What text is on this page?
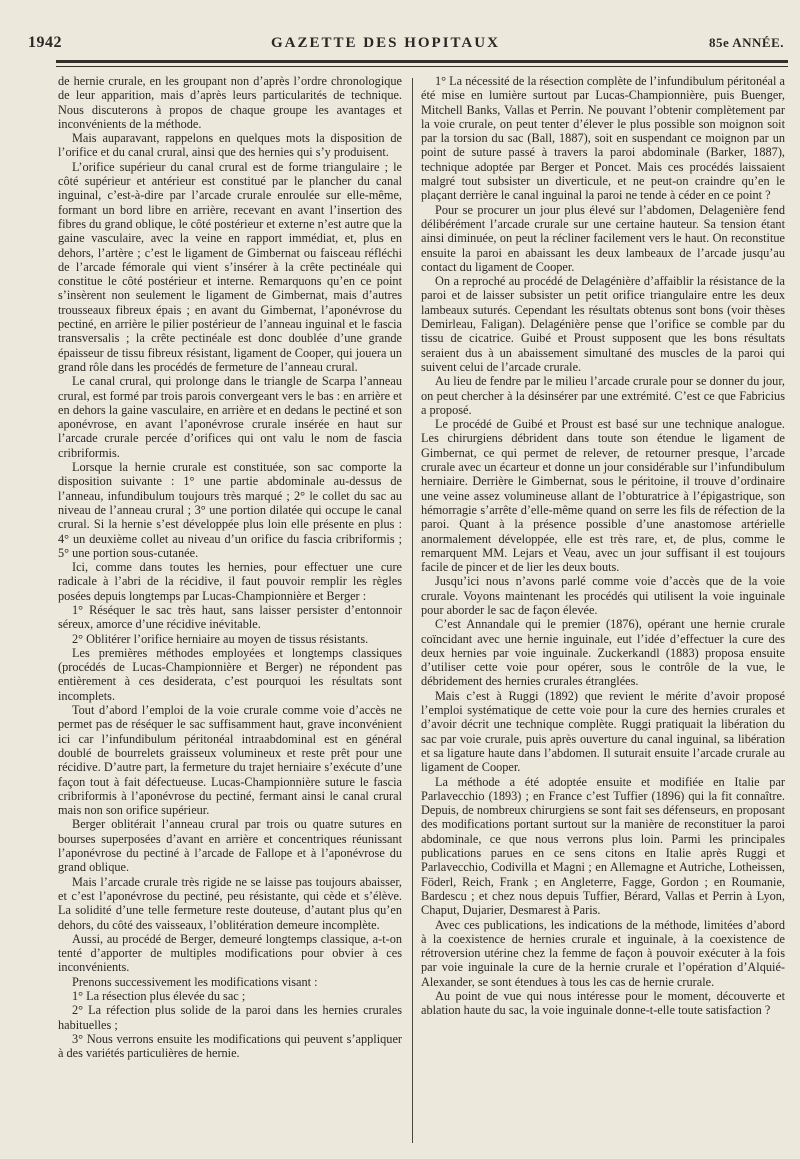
1942	GAZETTE DES HOPITAUX	85e ANNÉE.

de hernie crurale, en les groupant non d’après l’ordre chronologique de leur apparition, mais d’après leurs particularités de technique. Nous discuterons à propos de chaque groupe les avantages et inconvénients de la méthode.

Mais auparavant, rappelons en quelques mots la disposition de l’orifice et du canal crural, ainsi que des hernies qui s’y produisent.

L’orifice supérieur du canal crural est de forme triangulaire ; le côté supérieur et antérieur est constitué par le plancher du canal inguinal, c’est-à-dire par l’arcade crurale enroulée sur elle-même, formant un bord libre en arrière, recevant en avant l’insertion des fibres du grand oblique, le côté postérieur et externe n’est autre que la gaine vasculaire, avec la veine en rapport immédiat, et, plus en dehors, l’artère ; c’est le ligament de Gimbernat ou faisceau réfléchi de l’arcade fémorale qui vient s’insérer à la crête pectinéale qui constitue le côté postérieur et interne. Remarquons qu’en ce point s’insèrent non seulement le ligament de Gimbernat, mais d’autres trousseaux fibreux épais ; en avant du Gimbernat, l’aponévrose du pectiné, en arrière le pilier postérieur de l’anneau inguinal et le fascia transversalis ; la crête pectinéale est donc doublée d’une grande épaisseur de tissu fibreux résistant, ligament de Cooper, qui jouera un grand rôle dans les procédés de fermeture de l’anneau crural.

Le canal crural, qui prolonge dans le triangle de Scarpa l’anneau crural, est formé par trois parois convergeant vers le bas : en arrière et en dehors la gaine vasculaire, en arrière et en dedans le pectiné et son aponévrose, en avant l’aponévrose crurale insérée en haut sur l’arcade crurale percée d’orifices qui ont valu le nom de fascia cribriformis.

Lorsque la hernie crurale est constituée, son sac comporte la disposition suivante : 1° une partie abdominale au-dessus de l’anneau, infundibulum toujours très marqué ; 2° le collet du sac au niveau de l’anneau crural ; 3° une portion dilatée qui occupe le canal crural. Si la hernie s’est développée plus loin elle présente en plus : 4° un deuxième collet au niveau d’un orifice du fascia cribriformis ; 5° une portion sous-cutanée.

Ici, comme dans toutes les hernies, pour effectuer une cure radicale à l’abri de la récidive, il faut pouvoir remplir les règles posées depuis longtemps par Lucas-Championnière et Berger :

1° Réséquer le sac très haut, sans laisser persister d’entonnoir séreux, amorce d’une récidive inévitable.

2° Oblitérer l’orifice herniaire au moyen de tissus résistants.

Les premières méthodes employées et longtemps classiques (procédés de Lucas-Championnière et Berger) ne répondent pas entièrement à ces desiderata, c’est pourquoi les résultats sont incomplets.

Tout d’abord l’emploi de la voie crurale comme voie d’accès ne permet pas de réséquer le sac suffisamment haut, grave inconvénient ici car l’infundibulum péritonéal intraabdominal est en général doublé de bourrelets graisseux volumineux et reste prêt pour une récidive. D’autre part, la fermeture du trajet herniaire s’exécute d’une façon tout à fait défectueuse. Lucas-Championnière suture le fascia cribriformis à l’aponévrose du pectiné, fermant ainsi le canal crural mais non son orifice supérieur.

Berger oblitérait l’anneau crural par trois ou quatre sutures en bourses superposées d’avant en arrière et concentriques réunissant l’aponévrose du pectiné à l’arcade de Fallope et à l’aponévrose du grand oblique.

Mais l’arcade crurale très rigide ne se laisse pas toujours abaisser, et c’est l’aponévrose du pectiné, peu résistante, qui cède et s’élève. La solidité d’une telle fermeture reste douteuse, d’autant plus qu’en dehors, du côté des vaisseaux, l’oblitération demeure incomplète.

Aussi, au procédé de Berger, demeuré longtemps classique, a-t-on tenté d’apporter de multiples modifications pour obvier à ces inconvénients.

Prenons successivement les modifications visant :

1° La résection plus élevée du sac ;

2° La réfection plus solide de la paroi dans les hernies crurales habituelles ;

3° Nous verrons ensuite les modifications qui peuvent s’appliquer à des variétés particulières de hernie.

1° La nécessité de la résection complète de l’infundibulum péritonéal a été mise en lumière surtout par Lucas-Championnière, puis Buenger, Mitchell Banks, Vallas et Perrin. Ne pouvant l’obtenir complètement par la voie crurale, on peut tenter d’élever le plus possible son moignon soit par la torsion du sac (Ball, 1887), soit en suspendant ce moignon par un point de suture passé à travers la paroi abdominale (Barker, 1887), technique adoptée par Berger et Poncet. Mais ces procédés laissaient malgré tout subsister un diverticule, et ne peut-on craindre qu’en le plaçant derrière le canal inguinal la paroi ne tende à céder en ce point ?

Pour se procurer un jour plus élevé sur l’abdomen, Delagenière fend délibérément l’arcade crurale sur une certaine hauteur. Sa tension étant ainsi diminuée, on peut la récliner facilement vers le haut. On reconstitue ensuite la paroi en abaissant les deux lambeaux de l’arcade jusqu’au contact du ligament de Cooper.

On a reproché au procédé de Delagénière d’affaiblir la résistance de la paroi et de laisser subsister un petit orifice triangulaire entre les deux lambeaux suturés. Cependant les résultats obtenus sont bons (voir thèses Demirleau, Faligan). Delagénière pense que l’orifice se comble par du tissu de cicatrice. Guibé et Proust supposent que les bons résultats seraient dus à un abaissement simultané des muscles de la paroi qui suivent celui de l’arcade crurale.

Au lieu de fendre par le milieu l’arcade crurale pour se donner du jour, on peut chercher à la désinsérer par une extrémité. C’est ce que Fabricius a proposé.

Le procédé de Guibé et Proust est basé sur une technique analogue. Les chirurgiens débrident dans toute son étendue le ligament de Gimbernat, ce qui permet de relever, de retourner presque, l’arcade crurale avec un écarteur et donne un jour considérable sur l’infundibulum herniaire. Derrière le Gimbernat, sous le péritoine, il trouve d’ordinaire une veine assez volumineuse allant de l’obturatrice à l’épigastrique, son hémorragie s’arrête d’elle-même quand on serre les fils de réfection de la paroi. Quant à la présence possible d’une anastomose artérielle anormalement développée, elle est très rare, et, de plus, comme le remarquent MM. Lejars et Veau, avec un jour suffisant il est toujours facile de pincer et de lier les deux bouts.

Jusqu’ici nous n’avons parlé comme voie d’accès que de la voie crurale. Voyons maintenant les procédés qui utilisent la voie inguinale pour aborder le sac de façon élevée.

C’est Annandale qui le premier (1876), opérant une hernie crurale coïncidant avec une hernie inguinale, eut l’idée d’effectuer la cure des deux hernies par voie inguinale. Zuckerkandl (1883) proposa ensuite d’utiliser cette voie pour opérer, sous le contrôle de la vue, le débridement des hernies crurales étranglées.

Mais c’est à Ruggi (1892) que revient le mérite d’avoir proposé l’emploi systématique de cette voie pour la cure des hernies crurales et d’avoir décrit une technique complète. Ruggi pratiquait la libération du sac par voie crurale, puis après ouverture du canal inguinal, sa libération et sa ligature haute dans l’abdomen. Il suturait ensuite l’arcade crurale au ligament de Cooper.

La méthode a été adoptée ensuite et modifiée en Italie par Parlavecchio (1893) ; en France c’est Tuffier (1896) qui la fit connaître. Depuis, de nombreux chirurgiens se sont fait ses défenseurs, en proposant des modifications portant surtout sur la manière de reconstituer la paroi abdominale, ce que nous verrons plus loin. Parmi les principales publications parues en ce sens citons en Italie après Ruggi et Parlavecchio, Codivilla et Magni ; en Allemagne et Autriche, Lotheissen, Föderl, Reich, Frank ; en Angleterre, Fagge, Gordon ; en Roumanie, Bardescu ; et chez nous depuis Tuffier, Bérard, Vallas et Perrin à Lyon, Chaput, Dujarier, Desmarest à Paris.

Avec ces publications, les indications de la méthode, limitées d’abord à la coexistence de hernies crurale et inguinale, à la coexistence de rétroversion utérine chez la femme de façon à pouvoir exécuter à la fois par voie inguinale la cure de la hernie crurale et l’opération d’Alquié-Alexander, se sont étendues à tous les cas de hernie crurale.

Au point de vue qui nous intéresse pour le moment, découverte et ablation haute du sac, la voie inguinale donne-t-elle toute satisfaction ?
